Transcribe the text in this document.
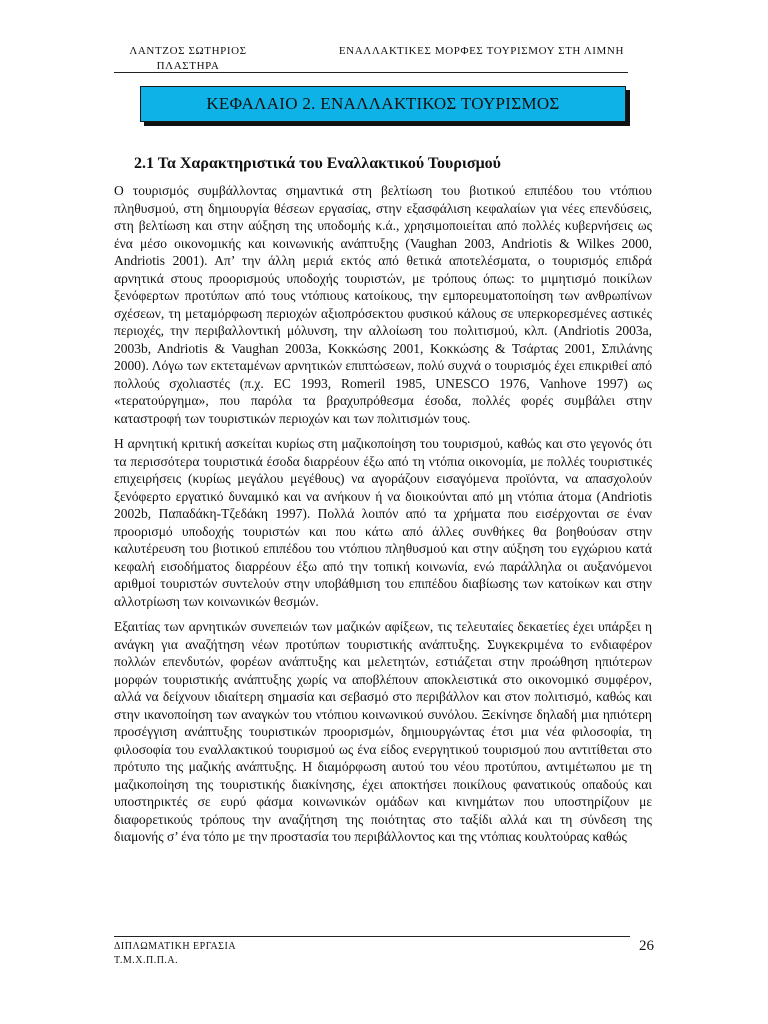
ΛΑΝΤΖΟΣ ΣΩΤΗΡΙΟΣ
ΠΛΑΣΤΗΡΑ
ΕΝΑΛΛΑΚΤΙΚΕΣ ΜΟΡΦΕΣ ΤΟΥΡΙΣΜΟΥ ΣΤΗ ΛΙΜΝΗ
ΚΕΦΑΛΑΙΟ 2. ΕΝΑΛΛΑΚΤΙΚΟΣ ΤΟΥΡΙΣΜΟΣ
2.1 Τα Χαρακτηριστικά του Εναλλακτικού Τουρισμού

Ο τουρισμός συμβάλλοντας σημαντικά στη βελτίωση του βιοτικού επιπέδου του ντόπιου πληθυσμού, στη δημιουργία θέσεων εργασίας, στην εξασφάλιση κεφαλαίων για νέες επενδύσεις, στη βελτίωση και στην αύξηση της υποδομής κ.ά., χρησιμοποιείται από πολλές κυβερνήσεις ως ένα μέσο οικονομικής και κοινωνικής ανάπτυξης (Vaughan 2003, Andriotis & Wilkes 2000, Andriotis 2001). Απ’ την άλλη μεριά εκτός από θετικά αποτελέσματα, ο τουρισμός επιδρά αρνητικά στους προορισμούς υποδοχής τουριστών, με τρόπους όπως: το μιμητισμό ποικίλων ξενόφερτων προτύπων από τους ντόπιους κατοίκους, την εμπορευματοποίηση των ανθρωπίνων σχέσεων, τη μεταμόρφωση περιοχών αξιοπρόσεκτου φυσικού κάλους σε υπερκορεσμένες αστικές περιοχές, την περιβαλλοντική μόλυνση, την αλλοίωση του πολιτισμού, κλπ. (Andriotis 2003a, 2003b, Andriotis & Vaughan 2003a, Κοκκώσης 2001, Κοκκώσης & Τσάρτας 2001, Σπιλάνης 2000). Λόγω των εκτεταμένων αρνητικών επιπτώσεων, πολύ συχνά ο τουρισμός έχει επικριθεί από πολλούς σχολιαστές (π.χ. EC 1993, Romeril 1985, UNESCO 1976, Vanhove 1997) ως «τερατούργημα», που παρόλα τα βραχυπρόθεσμα έσοδα, πολλές φορές συμβάλει στην καταστροφή των τουριστικών περιοχών και των πολιτισμών τους.

Η αρνητική κριτική ασκείται κυρίως στη μαζικοποίηση του τουρισμού, καθώς και στο γεγονός ότι τα περισσότερα τουριστικά έσοδα διαρρέουν έξω από τη ντόπια οικονομία, με πολλές τουριστικές επιχειρήσεις (κυρίως μεγάλου μεγέθους) να αγοράζουν εισαγόμενα προϊόντα, να απασχολούν ξενόφερτο εργατικό δυναμικό και να ανήκουν ή να διοικούνται από μη ντόπια άτομα (Andriotis 2002b, Παπαδάκη-Τζεδάκη 1997). Πολλά λοιπόν από τα χρήματα που εισέρχονται σε έναν προορισμό υποδοχής τουριστών και που κάτω από άλλες συνθήκες θα βοηθούσαν στην καλυτέρευση του βιοτικού επιπέδου του ντόπιου πληθυσμού και στην αύξηση του εγχώριου κατά κεφαλή εισοδήματος διαρρέουν έξω από την τοπική κοινωνία, ενώ παράλληλα οι αυξανόμενοι αριθμοί τουριστών συντελούν στην υποβάθμιση του επιπέδου διαβίωσης των κατοίκων και στην αλλοτρίωση των κοινωνικών θεσμών.

Εξαιτίας των αρνητικών συνεπειών των μαζικών αφίξεων, τις τελευταίες δεκαετίες έχει υπάρξει η ανάγκη για αναζήτηση νέων προτύπων τουριστικής ανάπτυξης. Συγκεκριμένα το ενδιαφέρον πολλών επενδυτών, φορέων ανάπτυξης και μελετητών, εστιάζεται στην προώθηση ηπιότερων μορφών τουριστικής ανάπτυξης χωρίς να αποβλέπουν αποκλειστικά στο οικονομικό συμφέρον, αλλά να δείχνουν ιδιαίτερη σημασία και σεβασμό στο περιβάλλον και στον πολιτισμό, καθώς και στην ικανοποίηση των αναγκών του ντόπιου κοινωνικού συνόλου. Ξεκίνησε δηλαδή μια ηπιότερη προσέγγιση ανάπτυξης τουριστικών προορισμών, δημιουργώντας έτσι μια νέα φιλοσοφία, τη φιλοσοφία του εναλλακτικού τουρισμού ως ένα είδος ενεργητικού τουρισμού που αντιτίθεται στο πρότυπο της μαζικής ανάπτυξης. Η διαμόρφωση αυτού του νέου προτύπου, αντιμέτωπου με τη μαζικοποίηση της τουριστικής διακίνησης, έχει αποκτήσει ποικίλους φανατικούς οπαδούς και υποστηρικτές σε ευρύ φάσμα κοινωνικών ομάδων και κινημάτων που υποστηρίζουν με διαφορετικούς τρόπους την αναζήτηση της ποιότητας στο ταξίδι αλλά και τη σύνδεση της διαμονής σ’ ένα τόπο με την προστασία του περιβάλλοντος και της ντόπιας κουλτούρας καθώς

ΔΙΠΛΩΜΑΤΙΚΗ ΕΡΓΑΣΙΑ
Τ.Μ.Χ.Π.Π.Α.
26
